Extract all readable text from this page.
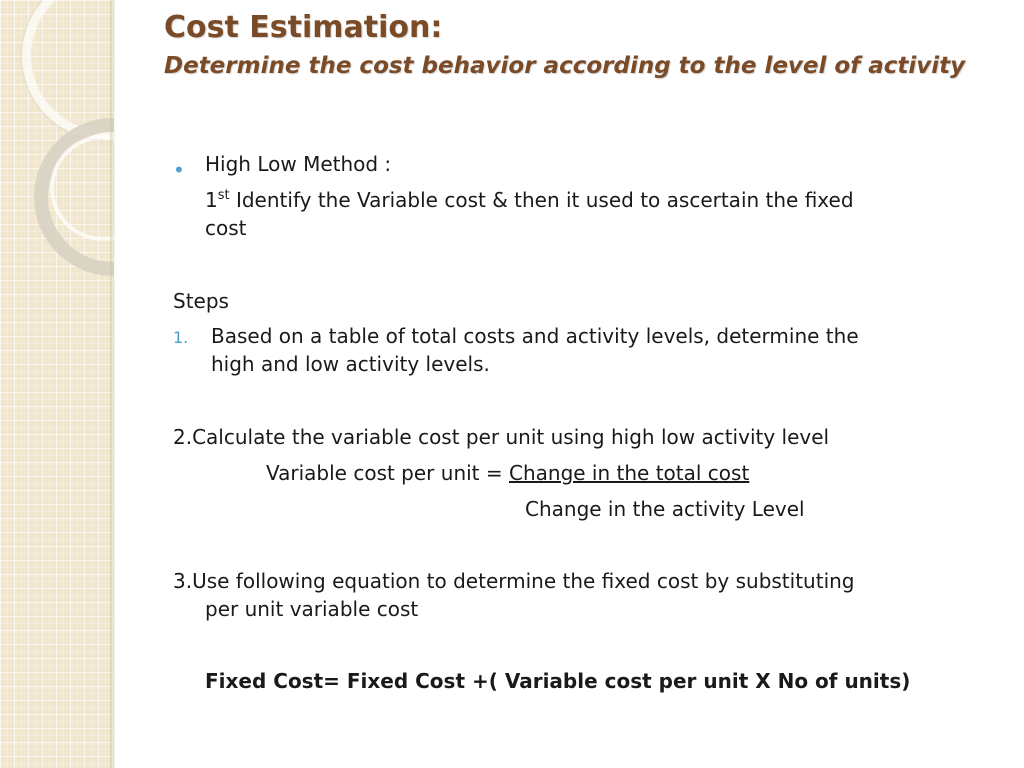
Cost Estimation:
Determine the cost behavior according to the level of activity
• High Low Method :
1st Identify the Variable cost & then it used to ascertain the fixed
cost
Steps
1. Based on a table of total costs and activity levels, determine the
high and low activity levels.
2.Calculate the variable cost per unit using high low activity level
Variable cost per unit = Change in the total cost
Change in the activity Level
3.Use following equation to determine the fixed cost by substituting
per unit variable cost
Fixed Cost= Fixed Cost +( Variable cost per unit X No of units)
